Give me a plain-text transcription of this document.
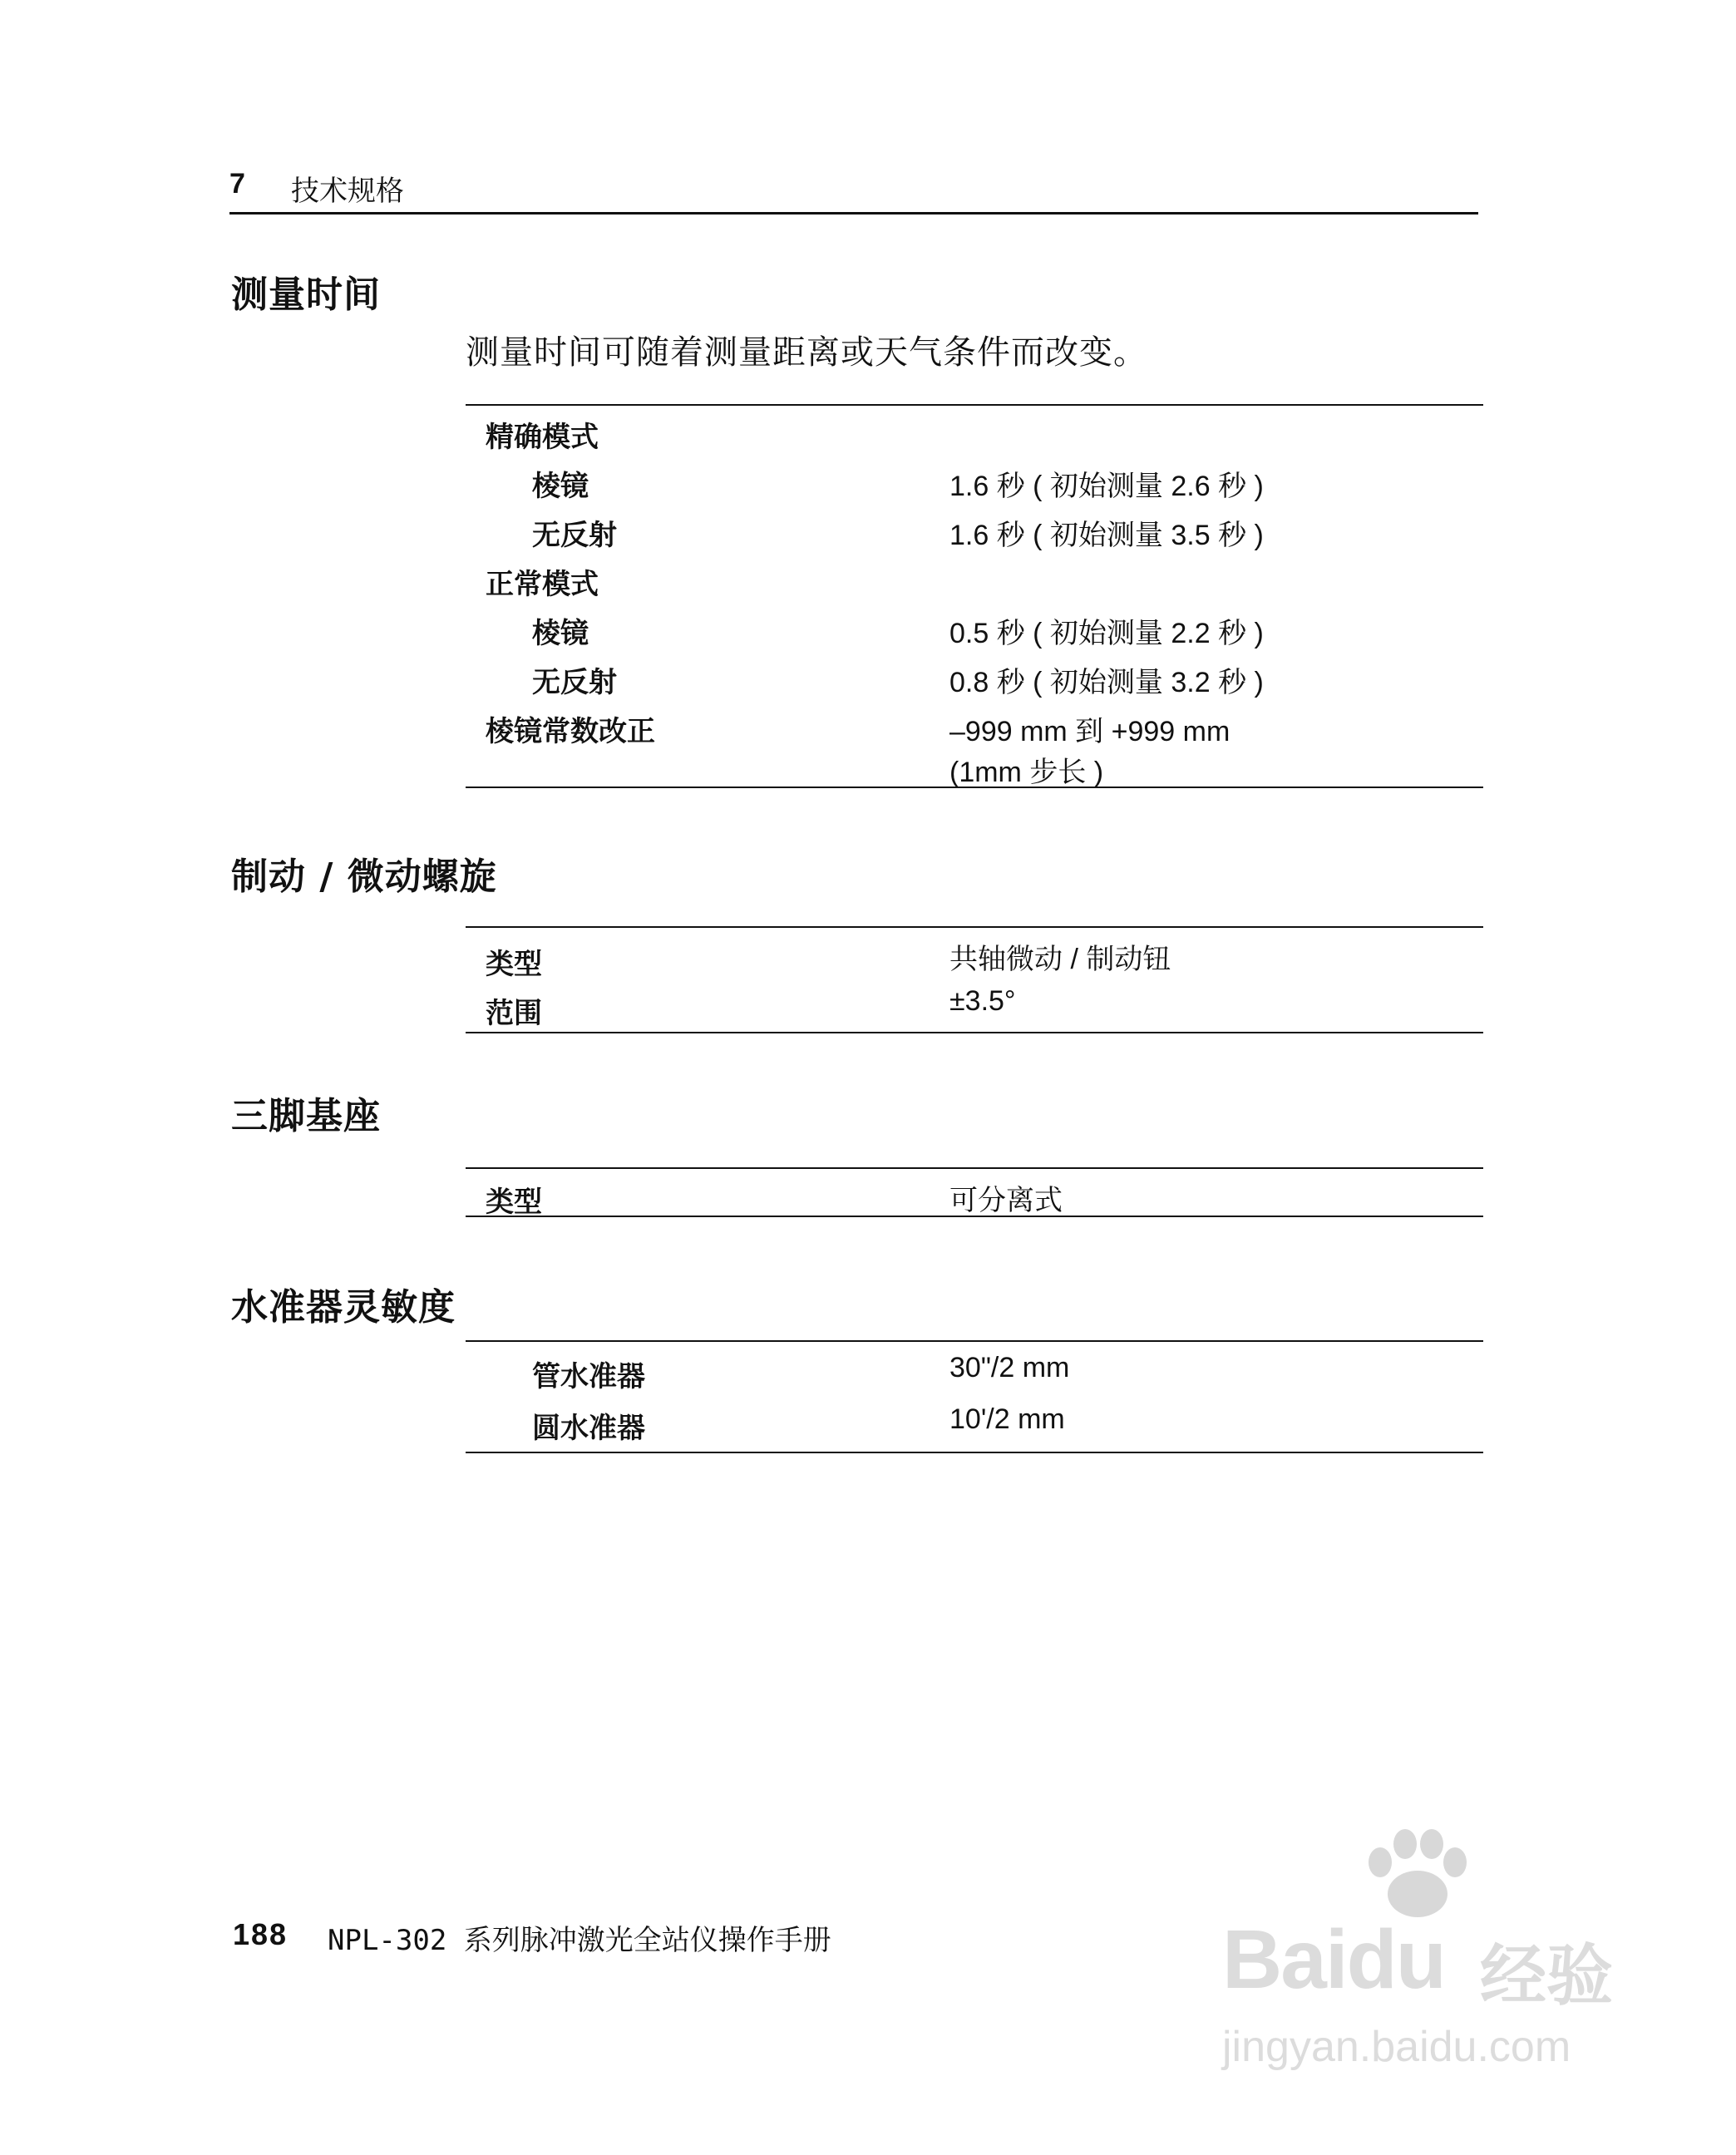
7 技术规格
测量时间
测量时间可随着测量距离或天气条件而改变。
精确模式
棱镜	1.6 秒 ( 初始测量 2.6 秒 )
无反射	1.6 秒 ( 初始测量 3.5 秒 )
正常模式
棱镜	0.5 秒 ( 初始测量 2.2 秒 )
无反射	0.8 秒 ( 初始测量 3.2 秒 )
棱镜常数改正	–999 mm 到 +999 mm
(1mm 步长 )
制动 / 微动螺旋
类型	共轴微动 / 制动钮
范围	±3.5°
三脚基座
类型	可分离式
水准器灵敏度
管水准器	30"/2 mm
圆水准器	10'/2 mm
188 NPL-302 系列脉冲激光全站仪操作手册	Baidu 经验
jingyan.baidu.com
